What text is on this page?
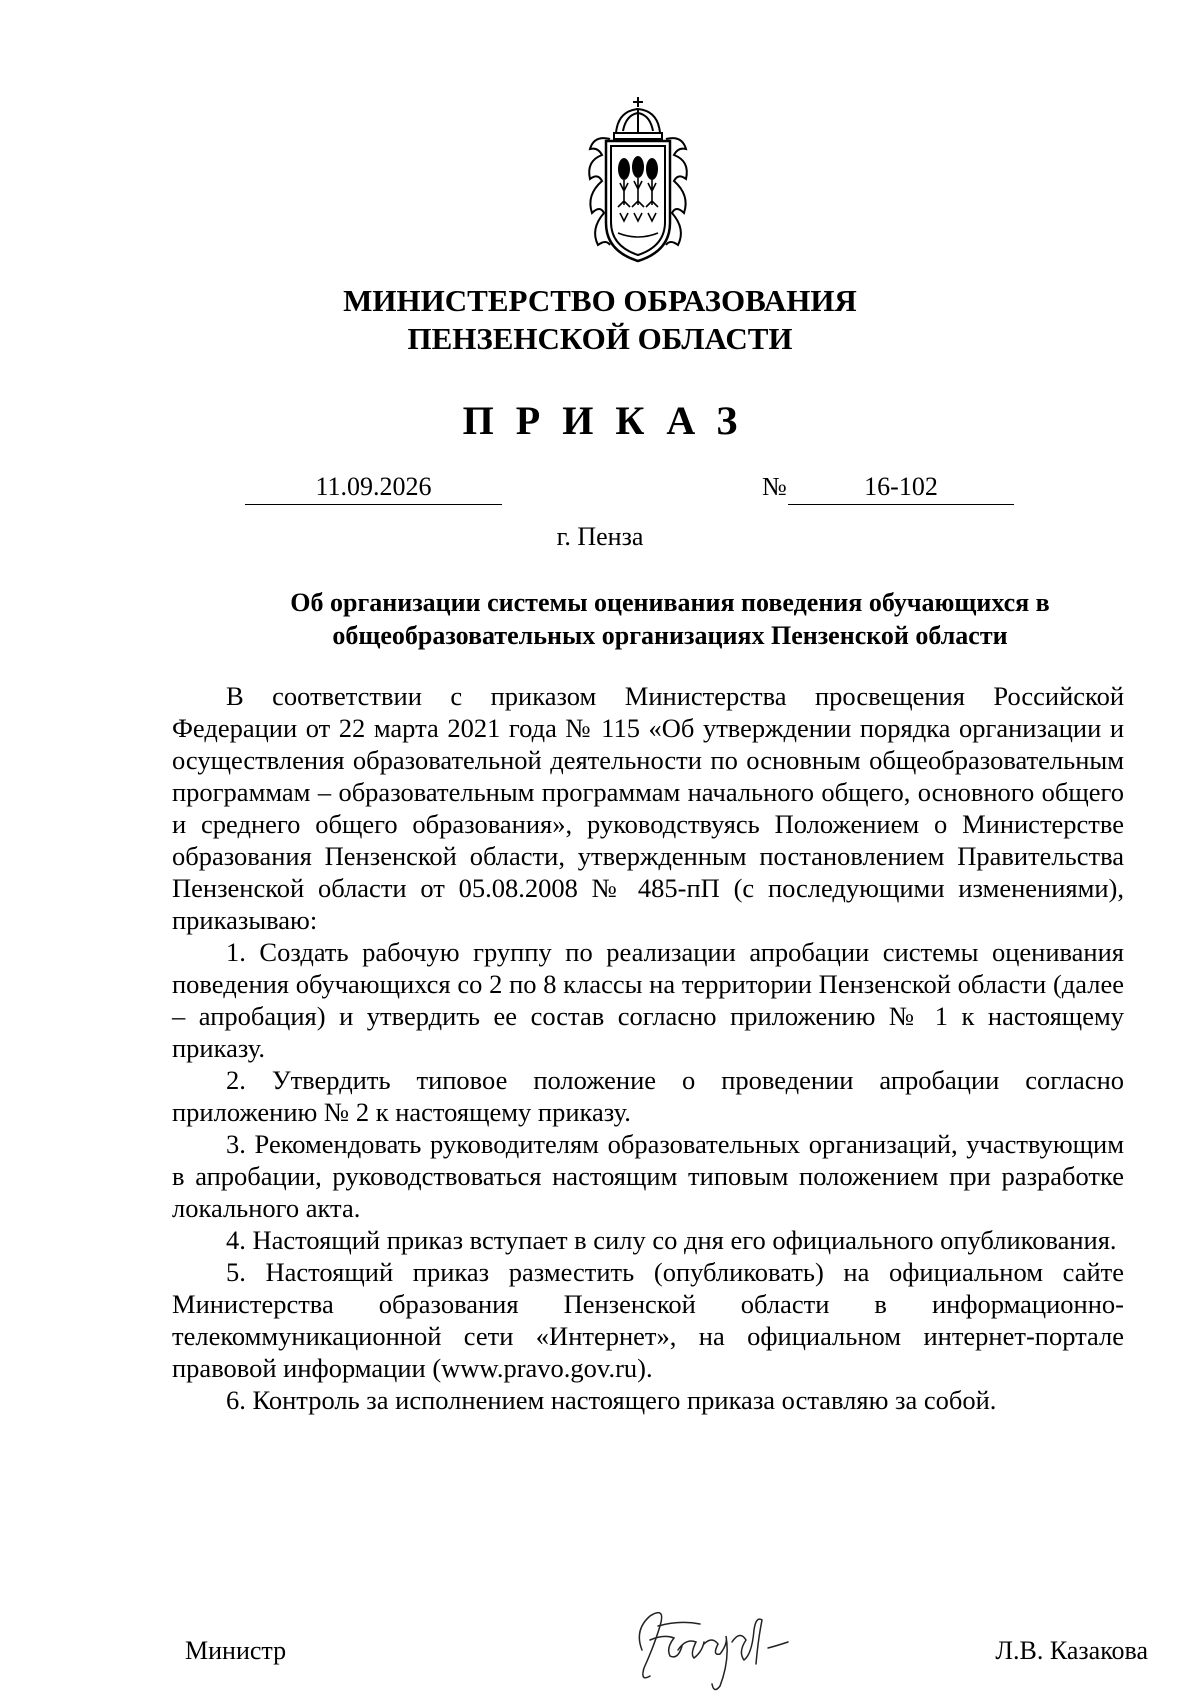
МИНИСТЕРСТВО ОБРАЗОВАНИЯ
ПЕНЗЕНСКОЙ ОБЛАСТИ
ПРИКАЗ
11.09.2026	№	16-102
г. Пенза
Об организации системы оценивания поведения обучающихся в общеобразовательных организациях Пензенской области

В соответствии с приказом Министерства просвещения Российской Федерации от 22 марта 2021 года № 115 «Об утверждении порядка организации и осуществления образовательной деятельности по основным общеобразовательным программам – образовательным программам начального общего, основного общего и среднего общего образования», руководствуясь Положением о Министерстве образования Пензенской области, утвержденным постановлением Правительства Пензенской области от 05.08.2008 № 485-пП (с последующими изменениями), приказываю:

1. Создать рабочую группу по реализации апробации системы оценивания поведения обучающихся со 2 по 8 классы на территории Пензенской области (далее – апробация) и утвердить ее состав согласно приложению № 1 к настоящему приказу.

2. Утвердить типовое положение о проведении апробации согласно приложению № 2 к настоящему приказу.

3. Рекомендовать руководителям образовательных организаций, участвующим в апробации, руководствоваться настоящим типовым положением при разработке локального акта.

4. Настоящий приказ вступает в силу со дня его официального опубликования.

5. Настоящий приказ разместить (опубликовать) на официальном сайте Министерства образования Пензенской области в информационно-телекоммуникационной сети «Интернет», на официальном интернет-портале правовой информации (www.pravo.gov.ru).

6. Контроль за исполнением настоящего приказа оставляю за собой.

Министр	Л.В. Казакова
